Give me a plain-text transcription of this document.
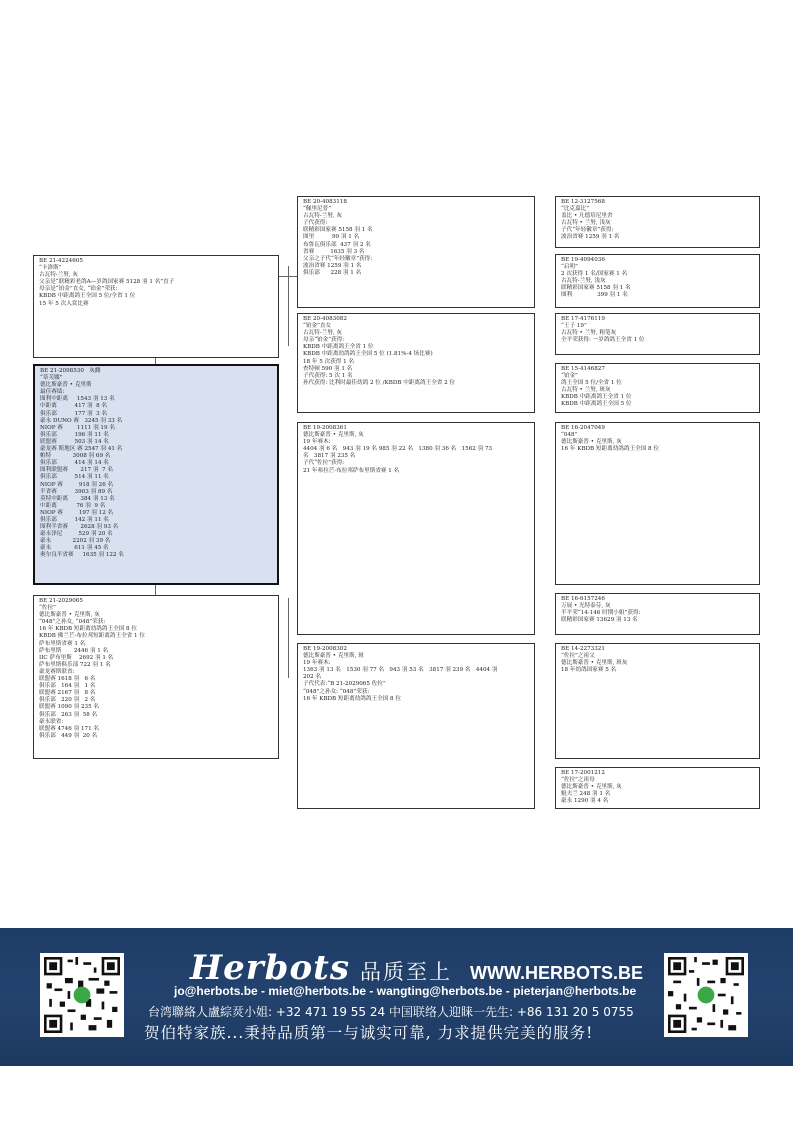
BE 21-2098530   灰雌
“蒂芙娜”
德比斯豪普 • 克里斯
最佳赛绩:
图利中距离     1543 羽 13 名
中距离          417 羽  8 名
俱乐部          177 羽  3 名
豪永 DUNO 赛   3245 羽 33 名
NIOP 赛        1111 羽 19 名
俱乐部          196 羽 11 名
联盟赛          503 羽 14 名
豪龙赛 斯地区 赛 2547 羽 41 名
帕特            3008 羽 69 名
俱乐部          414 羽 14 名
图利联盟赛       217 羽  7 名
俱乐部          514 羽 11 名
NIOP 赛         918 羽 26 名
半省赛          3903 羽 89 名
莫特中距离       384 羽 13 名
中距离           76 羽  9 名
NIOP 赛         197 羽 12 名
俱乐部          142 羽 11 名
图利半省赛       2628 羽 93 名
豪永泽尼         529 羽 20 名
豪永            2202 羽 39 名
豪永             611 羽 45 名
奥尔良半省赛     1635 羽 122 名
BE 21-4224605
“卡洛斯”
古瓦特-兰努, 灰
父亲是“联精彩老鸽A—岁鸽国家赛 5128 羽 1 名”直子
母亲是“铂金”直女, “铂金”荣获:
KBDB 中距离鸽王全国 5 位/全省 1 位
15 年 5 次入赏比赛
BE 21-2029065
“佐拉”
德比斯豪普 • 克里斯, 灰
“048”之孙女, “048”荣获:
16 年 KBDB 短距离幼鸽鸽王全国 8 位
KBDB 佛兰芒-布拉邦短距离鸽王全省 1 位
萨布里斯省赛 1 名
萨布里斯       2446 羽 1 名
IIC 萨布里斯    2692 羽 1 名
萨布里斯俱乐部 722 羽 1 名
豪龙赛斯联省:
联盟赛 1618 羽   6 名
俱乐部   164 羽   1 名
联盟赛 2167 羽   8 名
俱乐部   220 羽   2 名
联盟赛 1090 羽 235 名
俱乐部   263 羽  58 名
豪永联省:
联盟赛 4746 羽 171 名
俱乐部   449 羽  20 名
BE 20-4083118
“佩里尼普”
古瓦特-兰努, 灰
子代获得:
联精彩国家赛 5158 羽 1 名
图里          99 羽 1 名
布鲁瓦俱乐部  437 羽 2 名
省赛         1635 羽 3 名
父亲之子代“年轻徽章”获得:
波治省赛 1259 羽 1 名
俱乐部      228 羽 1 名
BE 20-4083082
“铂金”直女
古瓦特-兰努, 灰
母亲“铂金”获得:
KBDB 中距离鸽王全省 1 位
KBDB 中距离幼鸽鸽王全国 5 位 (1.81%-4 场比赛)
18 年 5 次获得 1 名
查特顿 590 羽 1 名
子代获得: 5 次 1 名
孙代获得: 比利时最佳幼鸽 2 位 /KBDB 中距离鸽王全省 2 位
BE 19-2008361
德比斯豪普 • 克里斯, 灰
19 年赛木:
4404 羽 6 名   943 羽 19 名 985 羽 22 名   1380 羽 36 名   1562 羽 73
名   3817 羽 235 名
子代“佐拉”获得:
21 年弗拉芒-布拉邦萨布里斯省赛 1 名
BE 19-2008302
德比斯豪普 • 克里斯, 斑
19 年赛木:
1363 羽 13 名   1530 羽 77 名   943 羽 53 名   3817 羽 239 名   4404 羽
202 名
子代代表:“B 21-2029065 佐拉”
“048”之孙女: “048”荣获:
16 年 KBDB 短距离幼鸽鸽王全国 8 位
BE 12-3127568
“比克嘉比”
盖比 • 凡德培尼里舍
古瓦特 • 兰努, 浅灰
子代“年轻徽章”获得:
波治省赛 1259 羽 1 名
BE 19-4094036
“启明”
2 次获得 1 名/国家赛 1 名
古瓦特-兰努, 浅灰
联精彩国家赛 5158 羽 1 名
图利              399 羽 1 名
BE 17-4176119
“王子 19”
古瓦特 • 兰努, 粗笔灰
全平荣获得: 一岁鸽鸽王全省 1 位
BE 15-4146827
“铂金”
鸽王全国 5 位/全省 1 位
古瓦特 • 兰努, 斑灰
KBDB 中距离鸽王全省 1 位
KBDB 中距离鸽王全国 5 位
BE 16-2047049
“048”
德比斯豪普 • 克里斯, 灰
16 年 KBDB 短距离幼鸽鸽王全国 8 位
BE 16-6157246
万展 • 光特泰芬, 灰
半平荣“14-146 时期小姐”获得:
联精彩国家赛 13629 羽 13 名
BE 14-2273321
“佐拉”之祖父
德比斯豪普 • 克里斯, 斑灰
18 年幼鸽国家赛 5 名
BE 17-2001212
“佐拉”之祖母
德比斯豪普 • 克里斯, 灰
魁夫兰 248 羽 1 名
豪永 1290 羽 4 名
Herbots 品质至上 WWW.HERBOTS.BE
jo@herbots.be - miet@herbots.be - wangting@herbots.be - pieterjan@herbots.be
台湾聯絡人盧綜烎小姐: +32 471 19 55 24 中国联络人迎睐一先生: +86 131 20 5 0755
贺伯特家族...秉持品质第一与诚实可靠, 力求提供完美的服务!
